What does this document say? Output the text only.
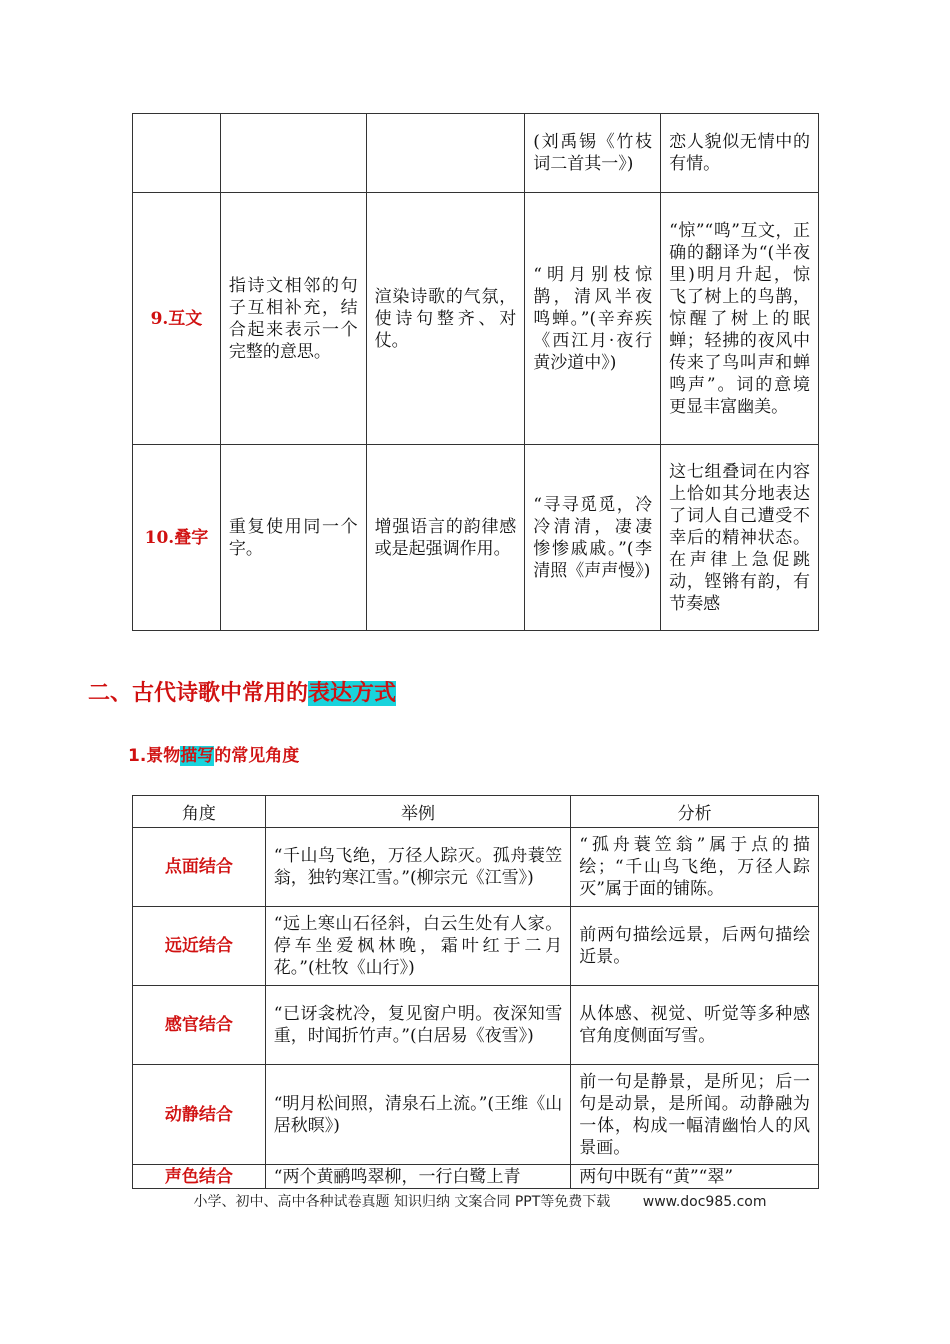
			(刘禹锡《竹枝词二首其一》)	恋人貌似无情中的有情。
9.互文	指诗文相邻的句子互相补充，结合起来表示一个完整的意思。	渲染诗歌的气氛，使诗句整齐、对仗。	“明月别枝惊鹊，清风半夜鸣蝉。”(辛弃疾《西江月·夜行黄沙道中》)	“惊”“鸣”互文，正确的翻译为“(半夜里)明月升起，惊飞了树上的鸟鹊，惊醒了树上的眠蝉；轻拂的夜风中传来了鸟叫声和蝉鸣声”。词的意境更显丰富幽美。
10.叠字	重复使用同一个字。	增强语言的韵律感或是起强调作用。	“寻寻觅觅，冷冷清清，凄凄惨惨戚戚。”(李清照《声声慢》)	这七组叠词在内容上恰如其分地表达了词人自己遭受不幸后的精神状态。在声律上急促跳动，铿锵有韵，有节奏感
二、古代诗歌中常用的表达方式
1.景物描写的常见角度
角度	举例	分析
点面结合	“千山鸟飞绝，万径人踪灭。孤舟蓑笠翁，独钓寒江雪。”(柳宗元《江雪》)	“孤舟蓑笠翁”属于点的描绘；“千山鸟飞绝，万径人踪灭”属于面的铺陈。
远近结合	“远上寒山石径斜，白云生处有人家。停车坐爱枫林晚，霜叶红于二月花。”(杜牧《山行》)	前两句描绘远景，后两句描绘近景。
感官结合	“已讶衾枕冷，复见窗户明。夜深知雪重，时闻折竹声。”(白居易《夜雪》)	从体感、视觉、听觉等多种感官角度侧面写雪。
动静结合	“明月松间照，清泉石上流。”(王维《山居秋暝》)	前一句是静景，是所见；后一句是动景，是所闻。动静融为一体，构成一幅清幽怡人的风景画。
声色结合	“两个黄鹂鸣翠柳，一行白鹭上青	两句中既有“黄”“翠”
小学、初中、高中各种试卷真题 知识归纳 文案合同 PPT等免费下载 www.doc985.com
